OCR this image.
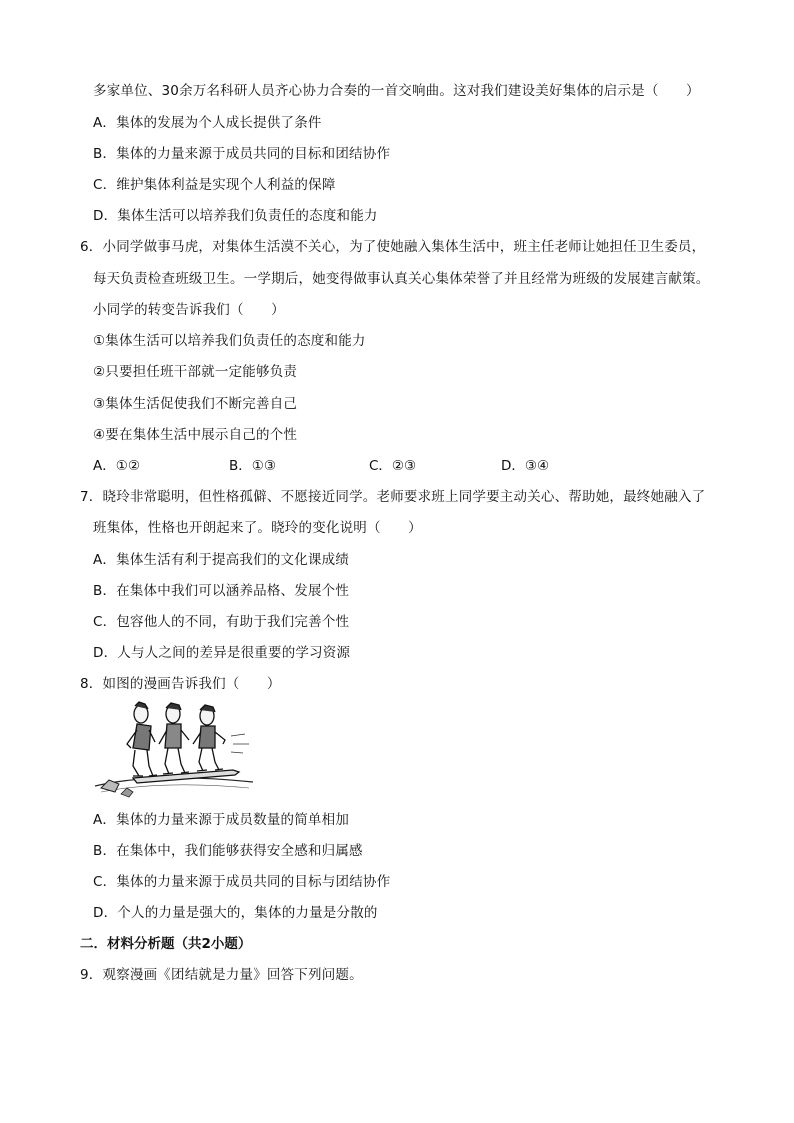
多家单位、30余万名科研人员齐心协力合奏的一首交响曲。这对我们建设美好集体的启示是（　　）
A．集体的发展为个人成长提供了条件
B．集体的力量来源于成员共同的目标和团结协作
C．维护集体利益是实现个人利益的保障
D．集体生活可以培养我们负责任的态度和能力
6．小同学做事马虎，对集体生活漠不关心，为了使她融入集体生活中，班主任老师让她担任卫生委员，
每天负责检查班级卫生。一学期后，她变得做事认真关心集体荣誉了并且经常为班级的发展建言献策。
小同学的转变告诉我们（　　）
①集体生活可以培养我们负责任的态度和能力
②只要担任班干部就一定能够负责
③集体生活促使我们不断完善自己
④要在集体生活中展示自己的个性
A．①②	B．①③	C．②③	D．③④
7．晓玲非常聪明，但性格孤僻、不愿接近同学。老师要求班上同学要主动关心、帮助她，最终她融入了
班集体，性格也开朗起来了。晓玲的变化说明（　　）
A．集体生活有利于提高我们的文化课成绩
B．在集体中我们可以涵养品格、发展个性
C．包容他人的不同，有助于我们完善个性
D．人与人之间的差异是很重要的学习资源
8．如图的漫画告诉我们（　　）
A．集体的力量来源于成员数量的简单相加
B．在集体中，我们能够获得安全感和归属感
C．集体的力量来源于成员共同的目标与团结协作
D．个人的力量是强大的，集体的力量是分散的
二．材料分析题（共2小题）
9．观察漫画《团结就是力量》回答下列问题。
